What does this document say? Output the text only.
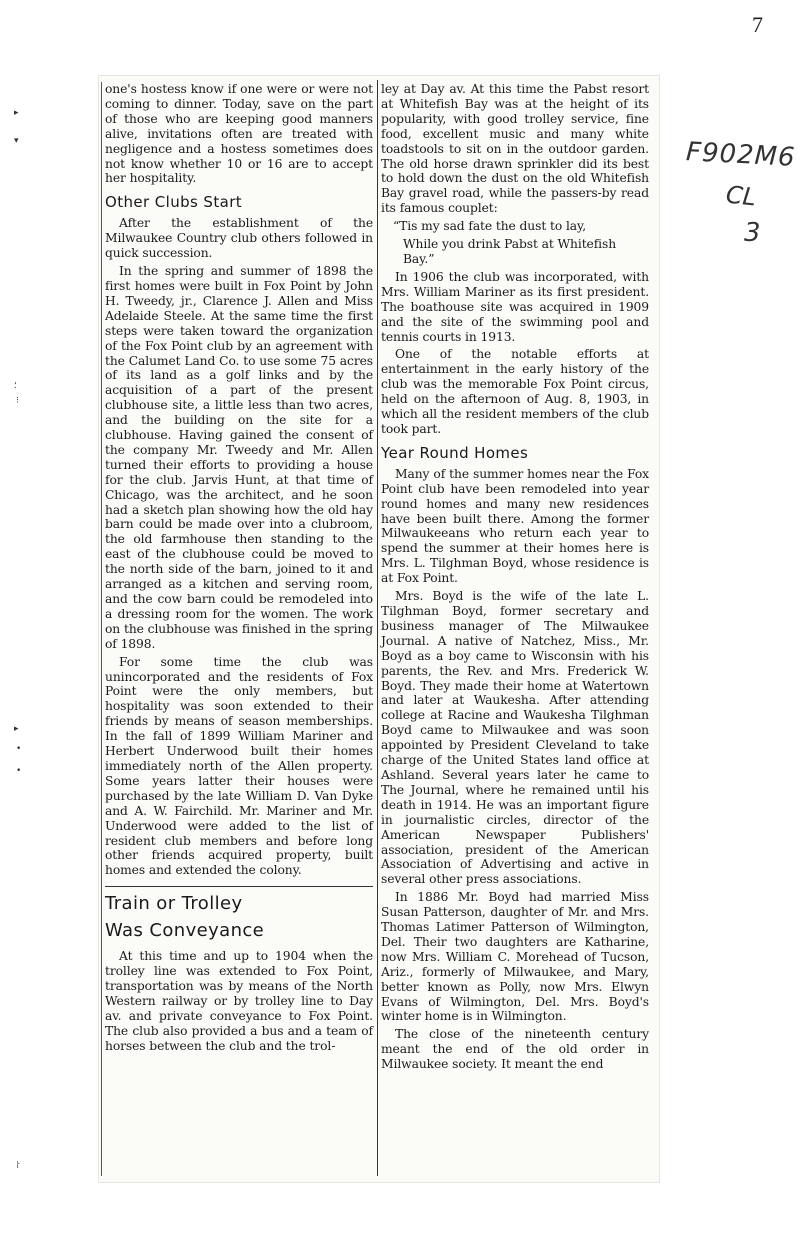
7
F902M6
CL
3
▸
▾
⸵
⁝
▸
•
•
⸷

one's hostess know if one were or were not coming to dinner. Today, save on the part of those who are keeping good manners alive, invitations often are treated with negligence and a hostess sometimes does not know whether 10 or 16 are to accept her hospitality.

Other Clubs Start

After the establishment of the Milwaukee Country club others followed in quick succession.

In the spring and summer of 1898 the first homes were built in Fox Point by John H. Tweedy, jr., Clarence J. Allen and Miss Adelaide Steele. At the same time the first steps were taken toward the organization of the Fox Point club by an agreement with the Calumet Land Co. to use some 75 acres of its land as a golf links and by the acquisition of a part of the present clubhouse site, a little less than two acres, and the building on the site for a clubhouse. Having gained the consent of the company Mr. Tweedy and Mr. Allen turned their efforts to providing a house for the club. Jarvis Hunt, at that time of Chicago, was the architect, and he soon had a sketch plan showing how the old hay barn could be made over into a clubroom, the old farmhouse then standing to the east of the clubhouse could be moved to the north side of the barn, joined to it and arranged as a kitchen and serving room, and the cow barn could be remodeled into a dressing room for the women. The work on the clubhouse was finished in the spring of 1898.

For some time the club was unincorporated and the residents of Fox Point were the only members, but hospitality was soon extended to their friends by means of season memberships. In the fall of 1899 William Mariner and Herbert Underwood built their homes immediately north of the Allen property. Some years latter their houses were purchased by the late William D. Van Dyke and A. W. Fairchild. Mr. Mariner and Mr. Underwood were added to the list of resident club members and before long other friends acquired property, built homes and extended the colony.

Train or Trolley
Was Conveyance

At this time and up to 1904 when the trolley line was extended to Fox Point, transportation was by means of the North Western railway or by trolley line to Day av. and private conveyance to Fox Point. The club also provided a bus and a team of horses between the club and the trol-

ley at Day av. At this time the Pabst resort at Whitefish Bay was at the height of its popularity, with good trolley service, fine food, excellent music and many white toadstools to sit on in the outdoor garden. The old horse drawn sprinkler did its best to hold down the dust on the old Whitefish Bay gravel road, while the passers-by read its famous couplet:

“Tis my sad fate the dust to lay,

While you drink Pabst at Whitefish Bay.”

In 1906 the club was incorporated, with Mrs. William Mariner as its first president. The boathouse site was acquired in 1909 and the site of the swimming pool and tennis courts in 1913.

One of the notable efforts at entertainment in the early history of the club was the memorable Fox Point circus, held on the afternoon of Aug. 8, 1903, in which all the resident members of the club took part.

Year Round Homes

Many of the summer homes near the Fox Point club have been remodeled into year round homes and many new residences have been built there. Among the former Milwaukeeans who return each year to spend the summer at their homes here is Mrs. L. Tilghman Boyd, whose residence is at Fox Point.

Mrs. Boyd is the wife of the late L. Tilghman Boyd, former secretary and business manager of The Milwaukee Journal. A native of Natchez, Miss., Mr. Boyd as a boy came to Wisconsin with his parents, the Rev. and Mrs. Frederick W. Boyd. They made their home at Watertown and later at Waukesha. After attending college at Racine and Waukesha Tilghman Boyd came to Milwaukee and was soon appointed by President Cleveland to take charge of the United States land office at Ashland. Several years later he came to The Journal, where he remained until his death in 1914. He was an important figure in journalistic circles, director of the American Newspaper Publishers' association, president of the American Association of Advertising and active in several other press associations.

In 1886 Mr. Boyd had married Miss Susan Patterson, daughter of Mr. and Mrs. Thomas Latimer Patterson of Wilmington, Del. Their two daughters are Katharine, now Mrs. William C. Morehead of Tucson, Ariz., formerly of Milwaukee, and Mary, better known as Polly, now Mrs. Elwyn Evans of Wilmington, Del. Mrs. Boyd's winter home is in Wilmington.

The close of the nineteenth century meant the end of the old order in Milwaukee society. It meant the end
